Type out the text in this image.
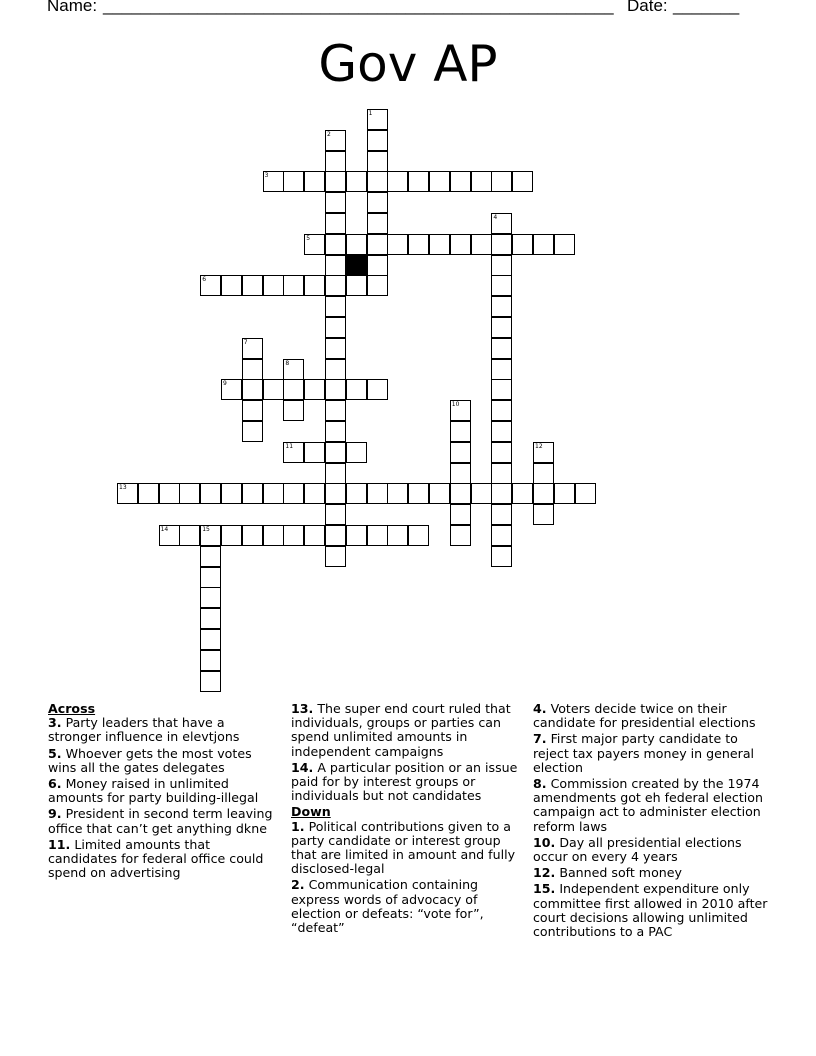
Name: ______________________________________________________ Date: _______
Gov AP
1
2
3
4
5
6
7
8
9
10
11	12
13
14	15
Across
3. Party leaders that have a stronger influence in elevtjons
5. Whoever gets the most votes wins all the gates delegates
6. Money raised in unlimited amounts for party building-illegal
9. President in second term leaving office that can’t get anything dkne
11. Limited amounts that candidates for federal office could spend on advertising
13. The super end court ruled that individuals, groups or parties can spend unlimited amounts in independent campaigns
14. A particular position or an issue paid for by interest groups or individuals but not candidates
Down
1. Political contributions given to a party candidate or interest group that are limited in amount and fully disclosed-legal
2. Communication containing express words of advocacy of election or defeats: “vote for”, “defeat”
4. Voters decide twice on their candidate for presidential elections
7. First major party candidate to reject tax payers money in general election
8. Commission created by the 1974 amendments got eh federal election campaign act to administer election reform laws
10. Day all presidential elections occur on every 4 years
12. Banned soft money
15. Independent expenditure only committee first allowed in 2010 after court decisions allowing unlimited contributions to a PAC
